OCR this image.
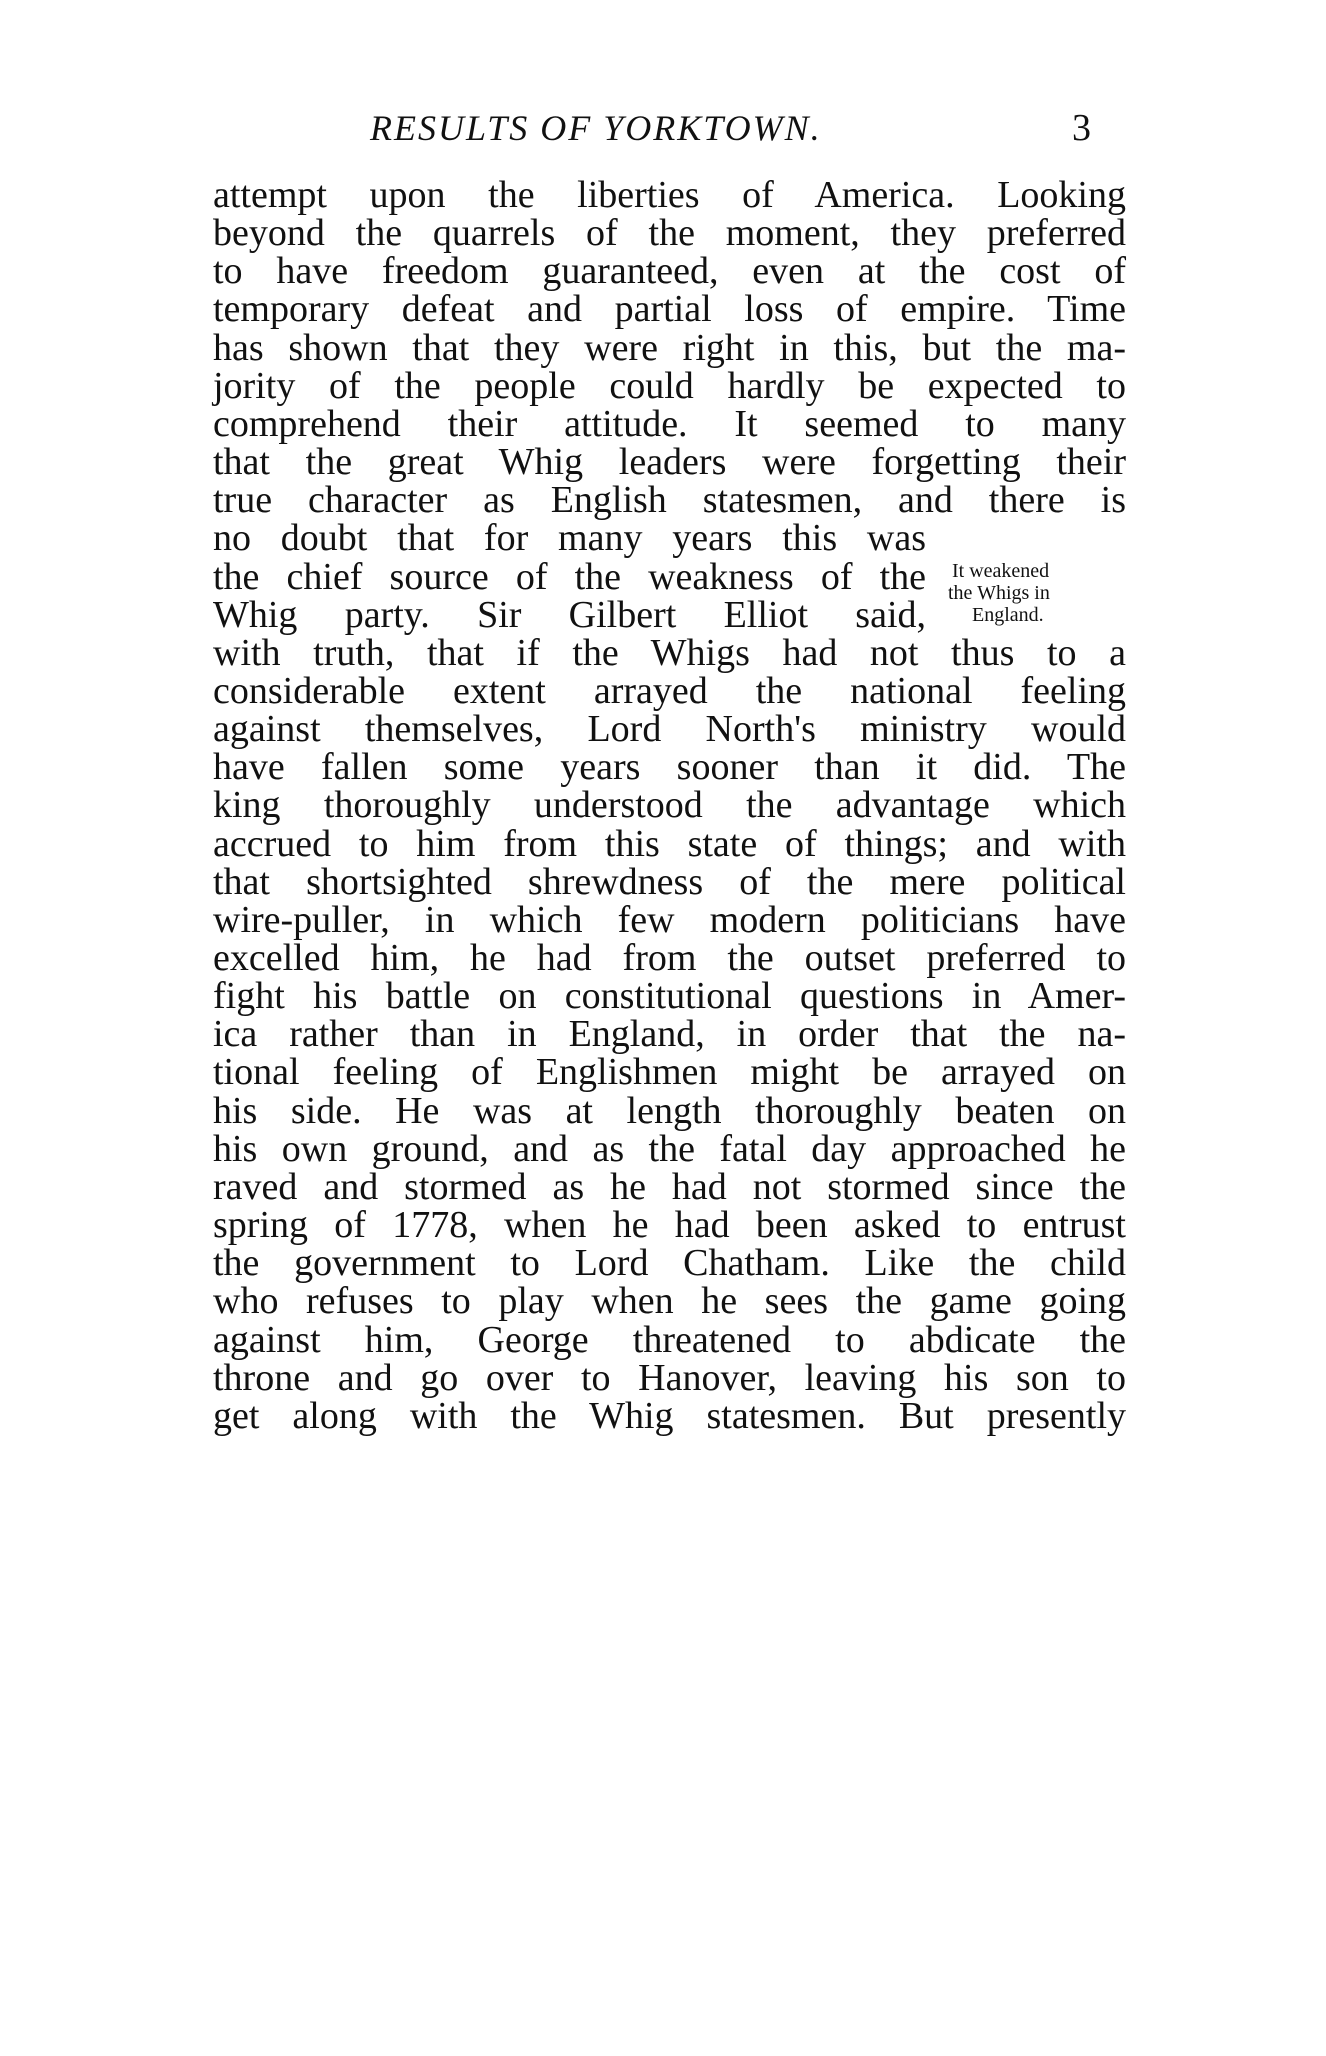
RESULTS OF YORKTOWN.	3
attempt upon the liberties of America. Looking
beyond the quarrels of the moment, they preferred
to have freedom guaranteed, even at the cost of
temporary defeat and partial loss of empire. Time
has shown that they were right in this, but the ma-
jority of the people could hardly be expected to
comprehend their attitude. It seemed to many
that the great Whig leaders were forgetting their
true character as English statesmen, and there is
no doubt that for many years this was
the chief source of the weakness of the
Whig party. Sir Gilbert Elliot said,
with truth, that if the Whigs had not thus to a
considerable extent arrayed the national feeling
against themselves, Lord North's ministry would
have fallen some years sooner than it did. The
king thoroughly understood the advantage which
accrued to him from this state of things; and with
that shortsighted shrewdness of the mere political
wire-puller, in which few modern politicians have
excelled him, he had from the outset preferred to
fight his battle on constitutional questions in Amer-
ica rather than in England, in order that the na-
tional feeling of Englishmen might be arrayed on
his side. He was at length thoroughly beaten on
his own ground, and as the fatal day approached he
raved and stormed as he had not stormed since the
spring of 1778, when he had been asked to entrust
the government to Lord Chatham. Like the child
who refuses to play when he sees the game going
against him, George threatened to abdicate the
throne and go over to Hanover, leaving his son to
get along with the Whig statesmen. But presently
It weakened
the Whigs in
England.
